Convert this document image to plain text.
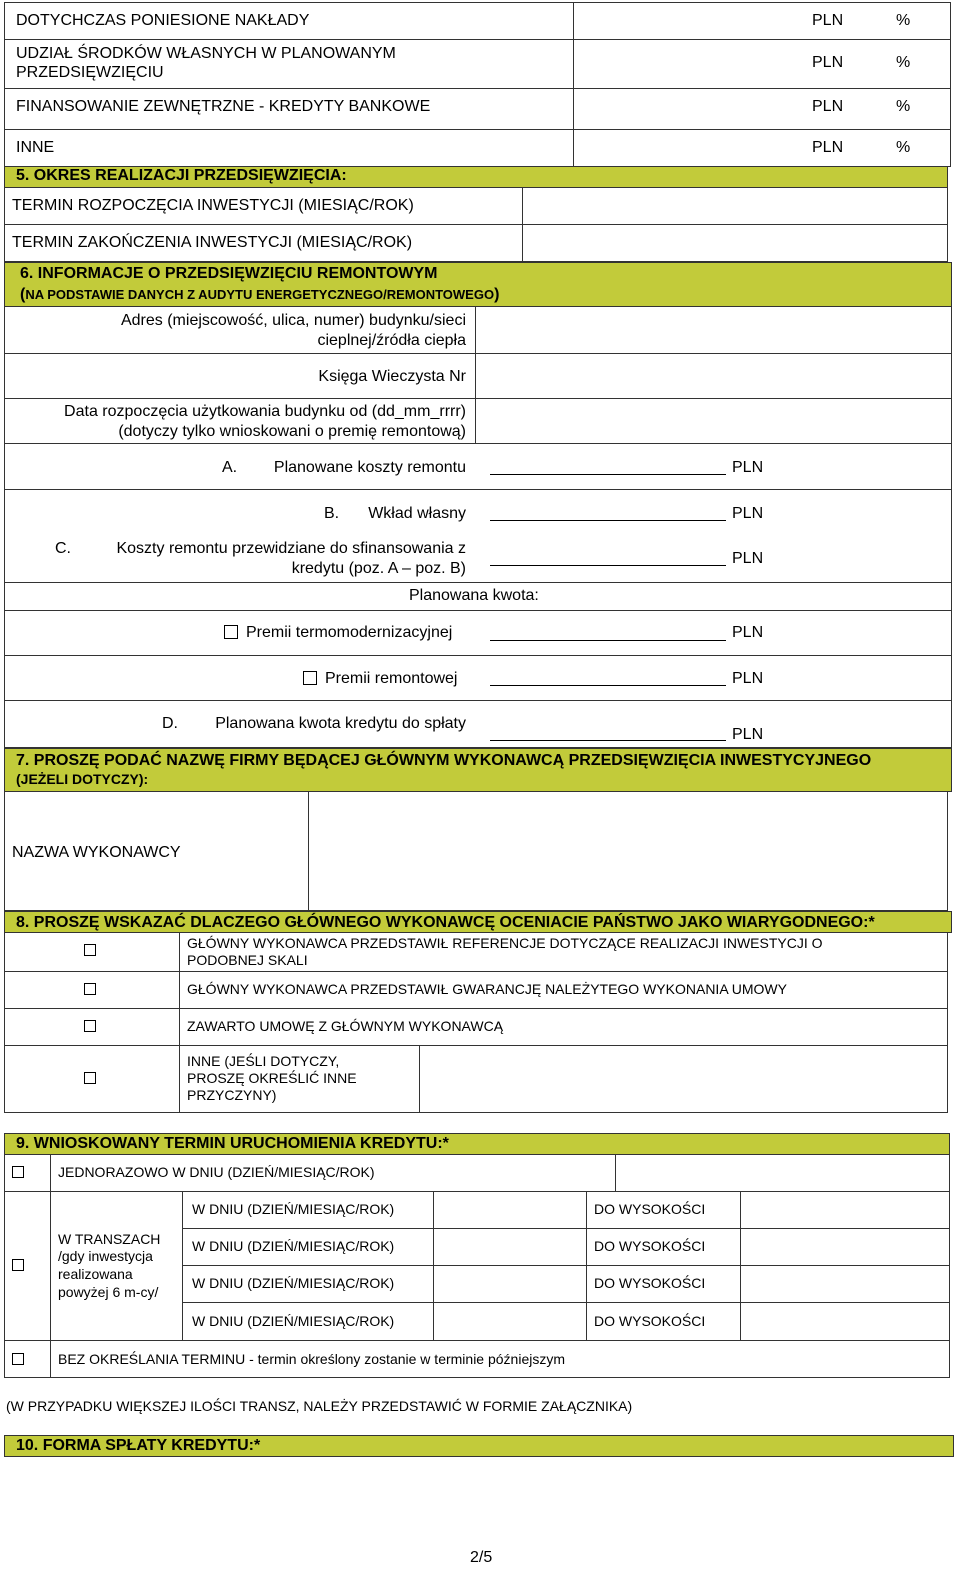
DOTYCHCZAS PONIESIONE NAKŁADY	PLN	%
UDZIAŁ ŚRODKÓW WŁASNYCH W PLANOWANYM
PRZEDSIĘWZIĘCIU
PLN	%
FINANSOWANIE ZEWNĘTRZNE - KREDYTY BANKOWE	PLN	%
INNE	PLN	%
5. OKRES REALIZACJI PRZEDSIĘWZIĘCIA:
TERMIN ROZPOCZĘCIA INWESTYCJI (MIESIĄC/ROK)
TERMIN ZAKOŃCZENIA INWESTYCJI (MIESIĄC/ROK)
6. INFORMACJE O PRZEDSIĘWZIĘCIU REMONTOWYM
(NA PODSTAWIE DANYCH Z AUDYTU ENERGETYCZNEGO/REMONTOWEGO)
Adres (miejscowość, ulica, numer) budynku/sieci
cieplnej/źródła ciepła
Księga Wieczysta Nr
Data rozpoczęcia użytkowania budynku od (dd_mm_rrrr)
(dotyczy tylko wnioskowani o premię remontową)
A. Planowane koszty remontu	PLN
B. Wkład własny	PLN
C.	Koszty remontu przewidziane do sfinansowania z
kredytu (poz. A – poz. B)
PLN
Planowana kwota:
Premii termomodernizacyjnej	PLN
Premii remontowej	PLN
D. Planowana kwota kredytu do spłaty
PLN
7. PROSZĘ PODAĆ NAZWĘ FIRMY BĘDĄCEJ GŁÓWNYM WYKONAWCĄ PRZEDSIĘWZIĘCIA INWESTYCYJNEGO
(JEŻELI DOTYCZY):
NAZWA WYKONAWCY
8. PROSZĘ WSKAZAĆ DLACZEGO GŁÓWNEGO WYKONAWCĘ OCENIACIE PAŃSTWO JAKO WIARYGODNEGO:*
GŁÓWNY WYKONAWCA PRZEDSTAWIŁ REFERENCJE DOTYCZĄCE REALIZACJI INWESTYCJI O
PODOBNEJ SKALI
GŁÓWNY WYKONAWCA PRZEDSTAWIŁ GWARANCJĘ NALEŻYTEGO WYKONANIA UMOWY
ZAWARTO UMOWĘ Z GŁÓWNYM WYKONAWCĄ
INNE (JEŚLI DOTYCZY,
PROSZĘ OKREŚLIĆ INNE
PRZYCZYNY)
9. WNIOSKOWANY TERMIN URUCHOMIENIA KREDYTU:*
JEDNORAZOWO W DNIU (DZIEŃ/MIESIĄC/ROK)
W TRANSZACH
/gdy inwestycja
realizowana
powyżej 6 m-cy/
W DNIU (DZIEŃ/MIESIĄC/ROK)	DO WYSOKOŚCI
W DNIU (DZIEŃ/MIESIĄC/ROK)	DO WYSOKOŚCI
W DNIU (DZIEŃ/MIESIĄC/ROK)	DO WYSOKOŚCI
W DNIU (DZIEŃ/MIESIĄC/ROK)	DO WYSOKOŚCI
BEZ OKREŚLANIA TERMINU - termin określony zostanie w terminie późniejszym
(W PRZYPADKU WIĘKSZEJ ILOŚCI TRANSZ, NALEŻY PRZEDSTAWIĆ W FORMIE ZAŁĄCZNIKA)
10. FORMA SPŁATY KREDYTU:*
2/5
